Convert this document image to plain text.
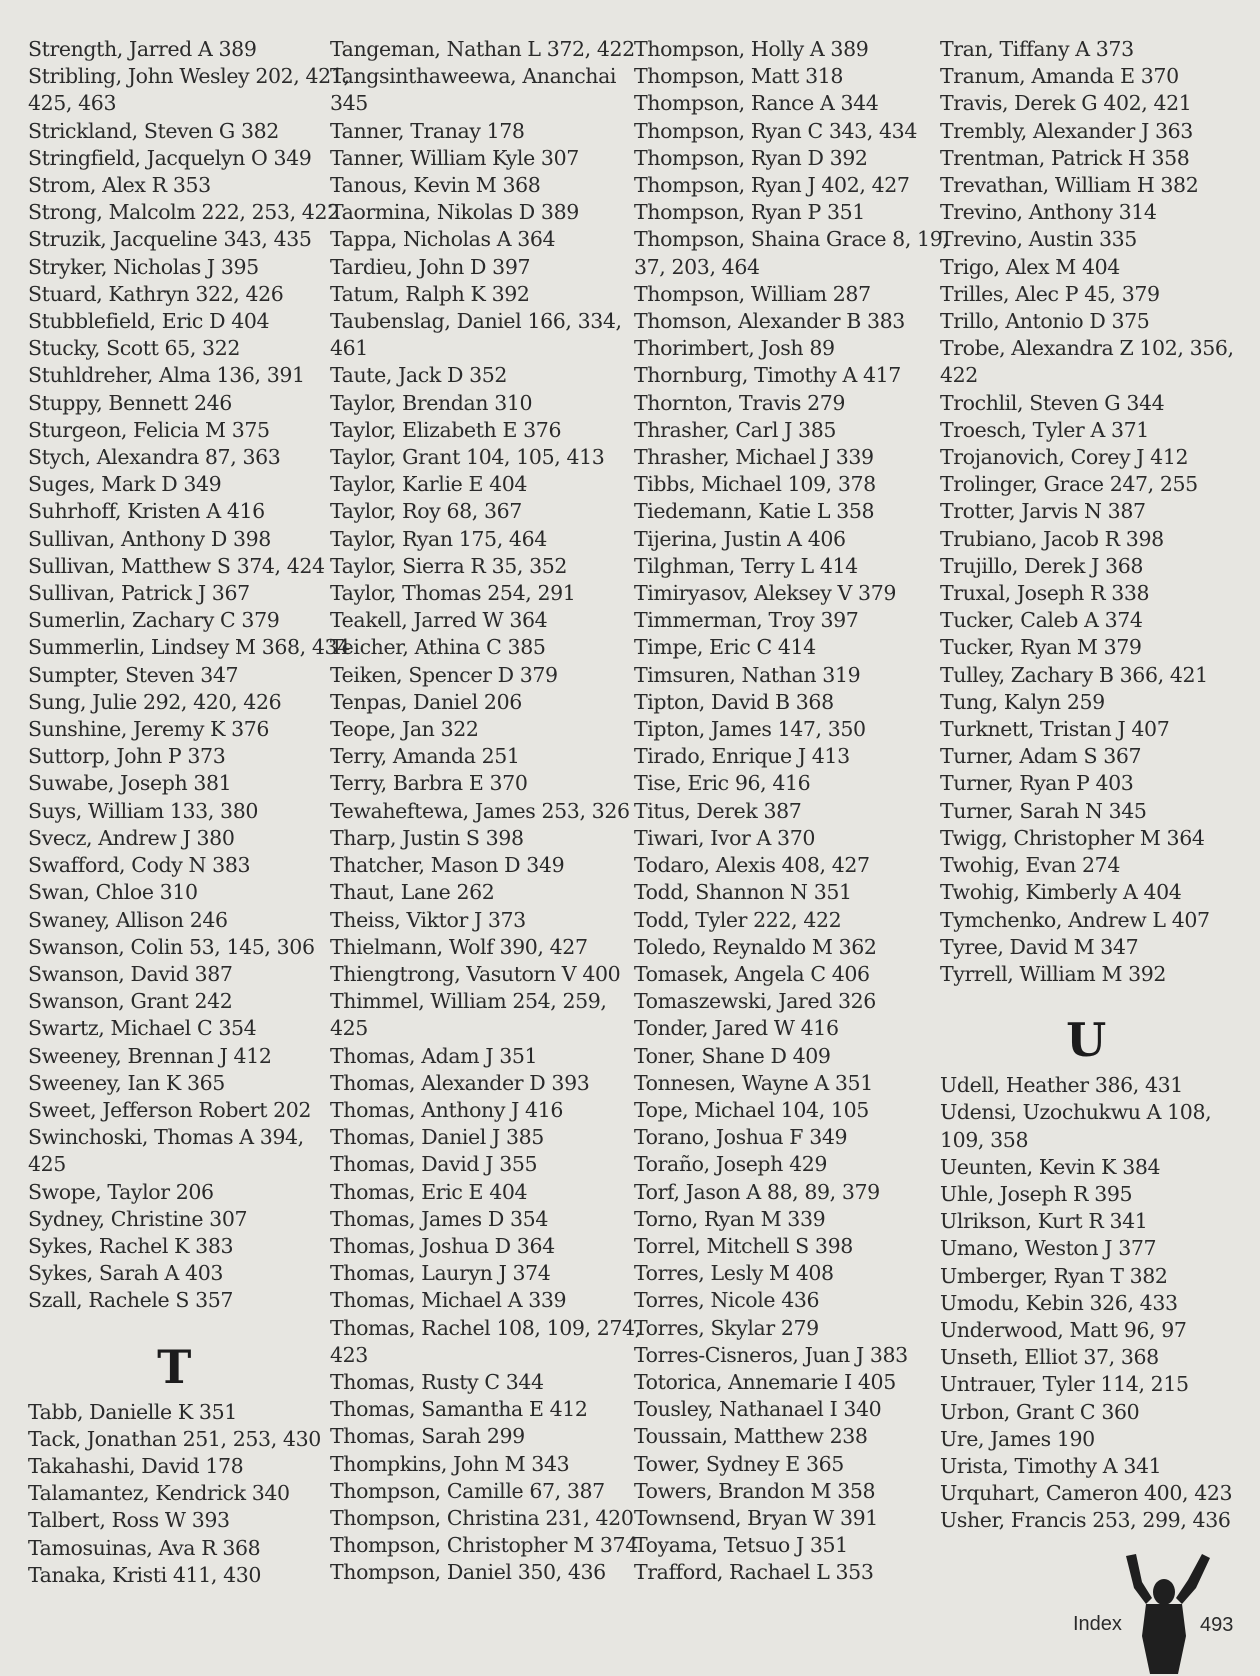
Strength, Jarred A 389
Stribling, John Wesley 202, 421,
425, 463
Strickland, Steven G 382
Stringfield, Jacquelyn O 349
Strom, Alex R 353
Strong, Malcolm 222, 253, 422
Struzik, Jacqueline 343, 435
Stryker, Nicholas J 395
Stuard, Kathryn 322, 426
Stubblefield, Eric D 404
Stucky, Scott 65, 322
Stuhldreher, Alma 136, 391
Stuppy, Bennett 246
Sturgeon, Felicia M 375
Stych, Alexandra 87, 363
Suges, Mark D 349
Suhrhoff, Kristen A 416
Sullivan, Anthony D 398
Sullivan, Matthew S 374, 424
Sullivan, Patrick J 367
Sumerlin, Zachary C 379
Summerlin, Lindsey M 368, 434
Sumpter, Steven 347
Sung, Julie 292, 420, 426
Sunshine, Jeremy K 376
Suttorp, John P 373
Suwabe, Joseph 381
Suys, William 133, 380
Svecz, Andrew J 380
Swafford, Cody N 383
Swan, Chloe 310
Swaney, Allison 246
Swanson, Colin 53, 145, 306
Swanson, David 387
Swanson, Grant 242
Swartz, Michael C 354
Sweeney, Brennan J 412
Sweeney, Ian K 365
Sweet, Jefferson Robert 202
Swinchoski, Thomas A 394,
425
Swope, Taylor 206
Sydney, Christine 307
Sykes, Rachel K 383
Sykes, Sarah A 403
Szall, Rachele S 357
T
Tabb, Danielle K 351
Tack, Jonathan 251, 253, 430
Takahashi, David 178
Talamantez, Kendrick 340
Talbert, Ross W 393
Tamosuinas, Ava R 368
Tanaka, Kristi 411, 430
Tangeman, Nathan L 372, 422
Tangsinthaweewa, Ananchai
345
Tanner, Tranay 178
Tanner, William Kyle 307
Tanous, Kevin M 368
Taormina, Nikolas D 389
Tappa, Nicholas A 364
Tardieu, John D 397
Tatum, Ralph K 392
Taubenslag, Daniel 166, 334,
461
Taute, Jack D 352
Taylor, Brendan 310
Taylor, Elizabeth E 376
Taylor, Grant 104, 105, 413
Taylor, Karlie E 404
Taylor, Roy 68, 367
Taylor, Ryan 175, 464
Taylor, Sierra R 35, 352
Taylor, Thomas 254, 291
Teakell, Jarred W 364
Teicher, Athina C 385
Teiken, Spencer D 379
Tenpas, Daniel 206
Teope, Jan 322
Terry, Amanda 251
Terry, Barbra E 370
Tewaheftewa, James 253, 326
Tharp, Justin S 398
Thatcher, Mason D 349
Thaut, Lane 262
Theiss, Viktor J 373
Thielmann, Wolf 390, 427
Thiengtrong, Vasutorn V 400
Thimmel, William 254, 259,
425
Thomas, Adam J 351
Thomas, Alexander D 393
Thomas, Anthony J 416
Thomas, Daniel J 385
Thomas, David J 355
Thomas, Eric E 404
Thomas, James D 354
Thomas, Joshua D 364
Thomas, Lauryn J 374
Thomas, Michael A 339
Thomas, Rachel 108, 109, 274,
423
Thomas, Rusty C 344
Thomas, Samantha E 412
Thomas, Sarah 299
Thompkins, John M 343
Thompson, Camille 67, 387
Thompson, Christina 231, 420
Thompson, Christopher M 374
Thompson, Daniel 350, 436
Thompson, Holly A 389
Thompson, Matt 318
Thompson, Rance A 344
Thompson, Ryan C 343, 434
Thompson, Ryan D 392
Thompson, Ryan J 402, 427
Thompson, Ryan P 351
Thompson, Shaina Grace 8, 19,
37, 203, 464
Thompson, William 287
Thomson, Alexander B 383
Thorimbert, Josh 89
Thornburg, Timothy A 417
Thornton, Travis 279
Thrasher, Carl J 385
Thrasher, Michael J 339
Tibbs, Michael 109, 378
Tiedemann, Katie L 358
Tijerina, Justin A 406
Tilghman, Terry L 414
Timiryasov, Aleksey V 379
Timmerman, Troy 397
Timpe, Eric C 414
Timsuren, Nathan 319
Tipton, David B 368
Tipton, James 147, 350
Tirado, Enrique J 413
Tise, Eric 96, 416
Titus, Derek 387
Tiwari, Ivor A 370
Todaro, Alexis 408, 427
Todd, Shannon N 351
Todd, Tyler 222, 422
Toledo, Reynaldo M 362
Tomasek, Angela C 406
Tomaszewski, Jared 326
Tonder, Jared W 416
Toner, Shane D 409
Tonnesen, Wayne A 351
Tope, Michael 104, 105
Torano, Joshua F 349
Toraño, Joseph 429
Torf, Jason A 88, 89, 379
Torno, Ryan M 339
Torrel, Mitchell S 398
Torres, Lesly M 408
Torres, Nicole 436
Torres, Skylar 279
Torres-Cisneros, Juan J 383
Totorica, Annemarie I 405
Tousley, Nathanael I 340
Toussain, Matthew 238
Tower, Sydney E 365
Towers, Brandon M 358
Townsend, Bryan W 391
Toyama, Tetsuo J 351
Trafford, Rachael L 353
Tran, Tiffany A 373
Tranum, Amanda E 370
Travis, Derek G 402, 421
Trembly, Alexander J 363
Trentman, Patrick H 358
Trevathan, William H 382
Trevino, Anthony 314
Trevino, Austin 335
Trigo, Alex M 404
Trilles, Alec P 45, 379
Trillo, Antonio D 375
Trobe, Alexandra Z 102, 356,
422
Trochlil, Steven G 344
Troesch, Tyler A 371
Trojanovich, Corey J 412
Trolinger, Grace 247, 255
Trotter, Jarvis N 387
Trubiano, Jacob R 398
Trujillo, Derek J 368
Truxal, Joseph R 338
Tucker, Caleb A 374
Tucker, Ryan M 379
Tulley, Zachary B 366, 421
Tung, Kalyn 259
Turknett, Tristan J 407
Turner, Adam S 367
Turner, Ryan P 403
Turner, Sarah N 345
Twigg, Christopher M 364
Twohig, Evan 274
Twohig, Kimberly A 404
Tymchenko, Andrew L 407
Tyree, David M 347
Tyrrell, William M 392
U
Udell, Heather 386, 431
Udensi, Uzochukwu A 108,
109, 358
Ueunten, Kevin K 384
Uhle, Joseph R 395
Ulrikson, Kurt R 341
Umano, Weston J 377
Umberger, Ryan T 382
Umodu, Kebin 326, 433
Underwood, Matt 96, 97
Unseth, Elliot 37, 368
Untrauer, Tyler 114, 215
Urbon, Grant C 360
Ure, James 190
Urista, Timothy A 341
Urquhart, Cameron 400, 423
Usher, Francis 253, 299, 436
Index	493
